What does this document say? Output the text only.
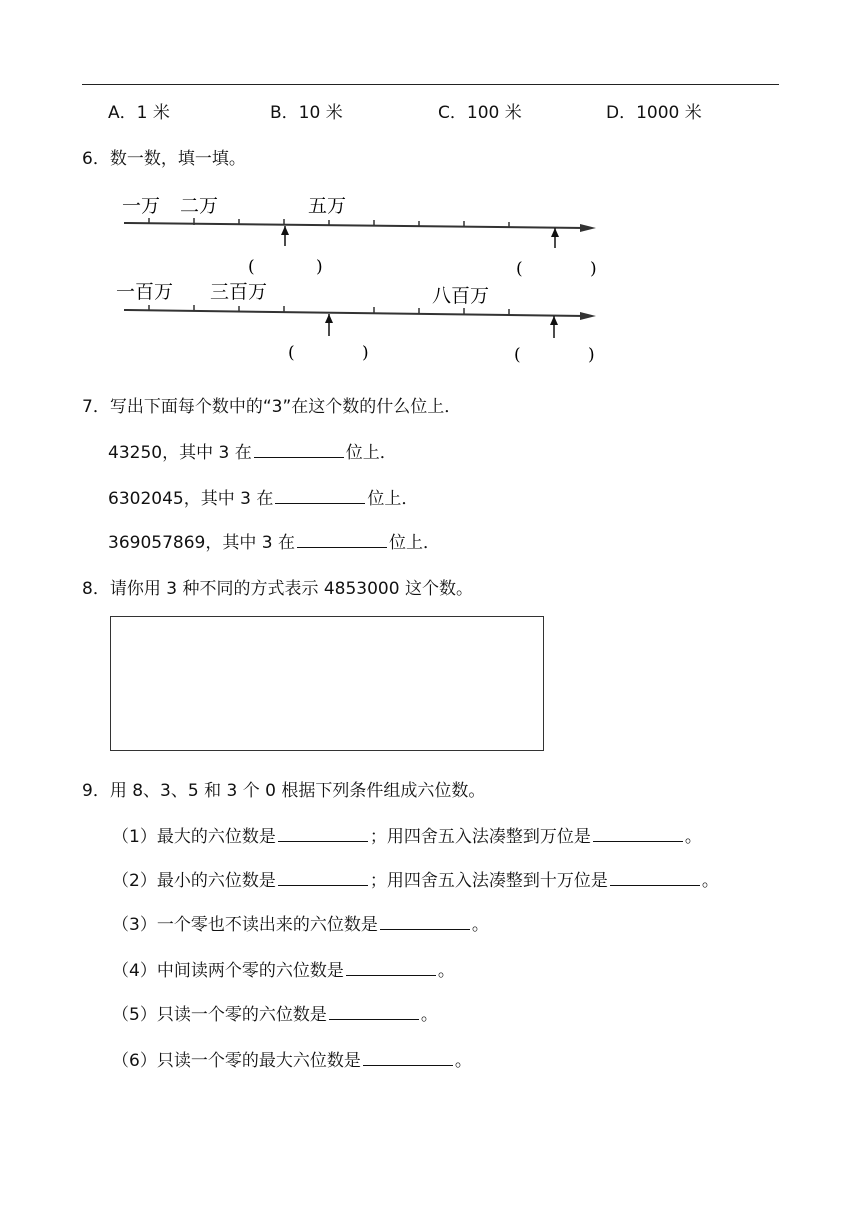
A．1 米	B．10 米	C．100 米	D．1000 米
6．数一数，填一填。
一万 二万	五万
(	)	(	)
一百万 三百万	八百万
(	)	(	)
7．写出下面每个数中的“3”在这个数的什么位上．
43250，其中 3 在	位上．
6302045，其中 3 在	位上．
369057869，其中 3 在	位上．
8．请你用 3 种不同的方式表示 4853000 这个数。
9．用 8、3、5 和 3 个 0 根据下列条件组成六位数。
（1）最大的六位数是	；用四舍五入法凑整到万位是	。
（2）最小的六位数是	；用四舍五入法凑整到十万位是	。
（3）一个零也不读出来的六位数是	。
（4）中间读两个零的六位数是	。
（5）只读一个零的六位数是	。
（6）只读一个零的最大六位数是	。
